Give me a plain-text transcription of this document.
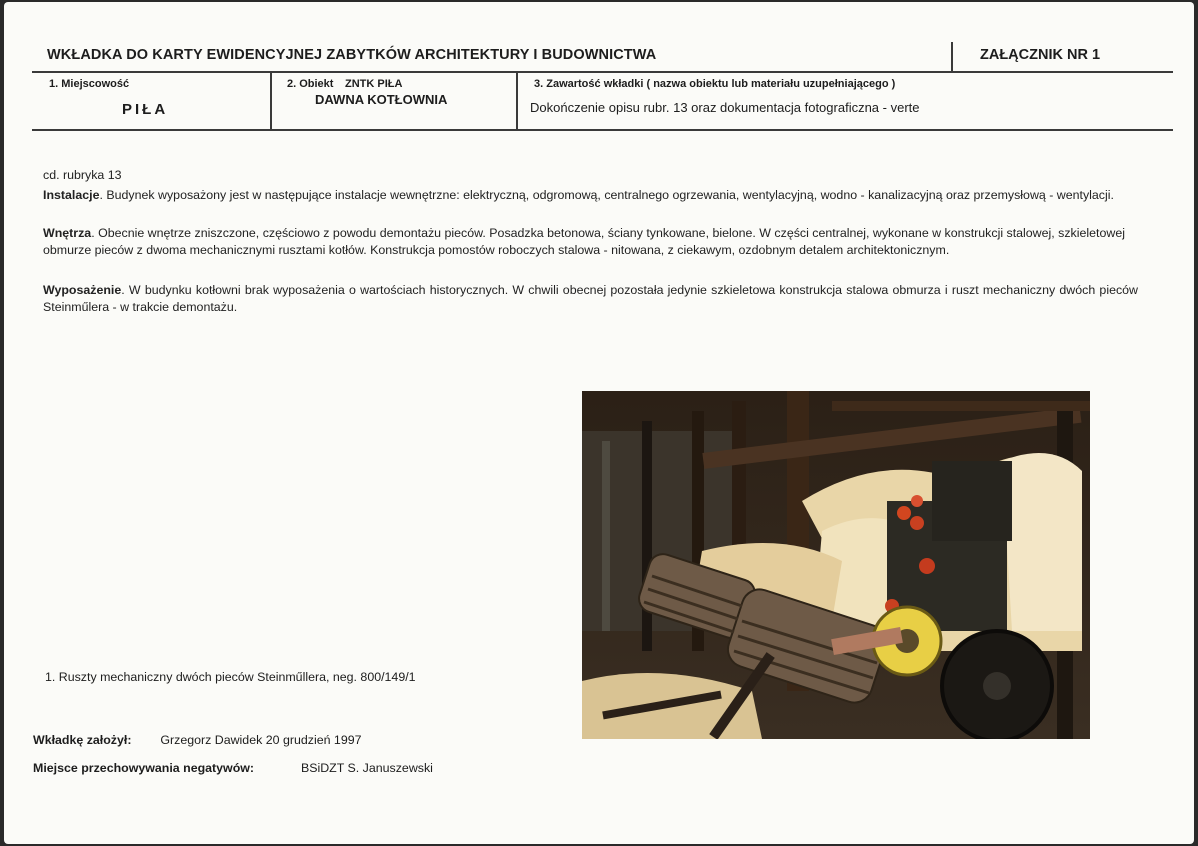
WKŁADKA DO KARTY EWIDENCYJNEJ ZABYTKÓW ARCHITEKTURY I BUDOWNICTWA	ZAŁĄCZNIK NR 1
1. Miejscowość
PIŁA
2. Obiekt ZNTK PIŁA
DAWNA KOTŁOWNIA
3. Zawartość wkładki ( nazwa obiektu lub materiału uzupełniającego )
Dokończenie opisu rubr. 13 oraz dokumentacja fotograficzna - verte
cd. rubryka 13
Instalacje. Budynek wyposażony jest w następujące instalacje wewnętrzne: elektryczną, odgromową, centralnego ogrzewania, wentylacyjną, wodno - kanalizacyjną oraz przemysłową - wentylacji.
Wnętrza. Obecnie wnętrze zniszczone, częściowo z powodu demontażu pieców. Posadzka betonowa, ściany tynkowane, bielone. W części centralnej, wykonane w konstrukcji stalowej, szkieletowej obmurze pieców z dwoma mechanicznymi rusztami kotłów. Konstrukcja pomostów roboczych stalowa - nitowana, z ciekawym, ozdobnym detalem architektonicznym.
Wyposażenie. W budynku kotłowni brak wyposażenia o wartościach historycznych. W chwili obecnej pozostała jedynie szkieletowa konstrukcja stalowa obmurza i ruszt mechaniczny dwóch pieców Steinműlera - w trakcie demontażu.
1. Ruszty mechaniczny dwóch pieców Steinműllera, neg. 800/149/1
Wkładkę założył: Grzegorz Dawidek 20 grudzień 1997
Miejsce przechowywania negatywów:	BSiDZT S. Januszewski
